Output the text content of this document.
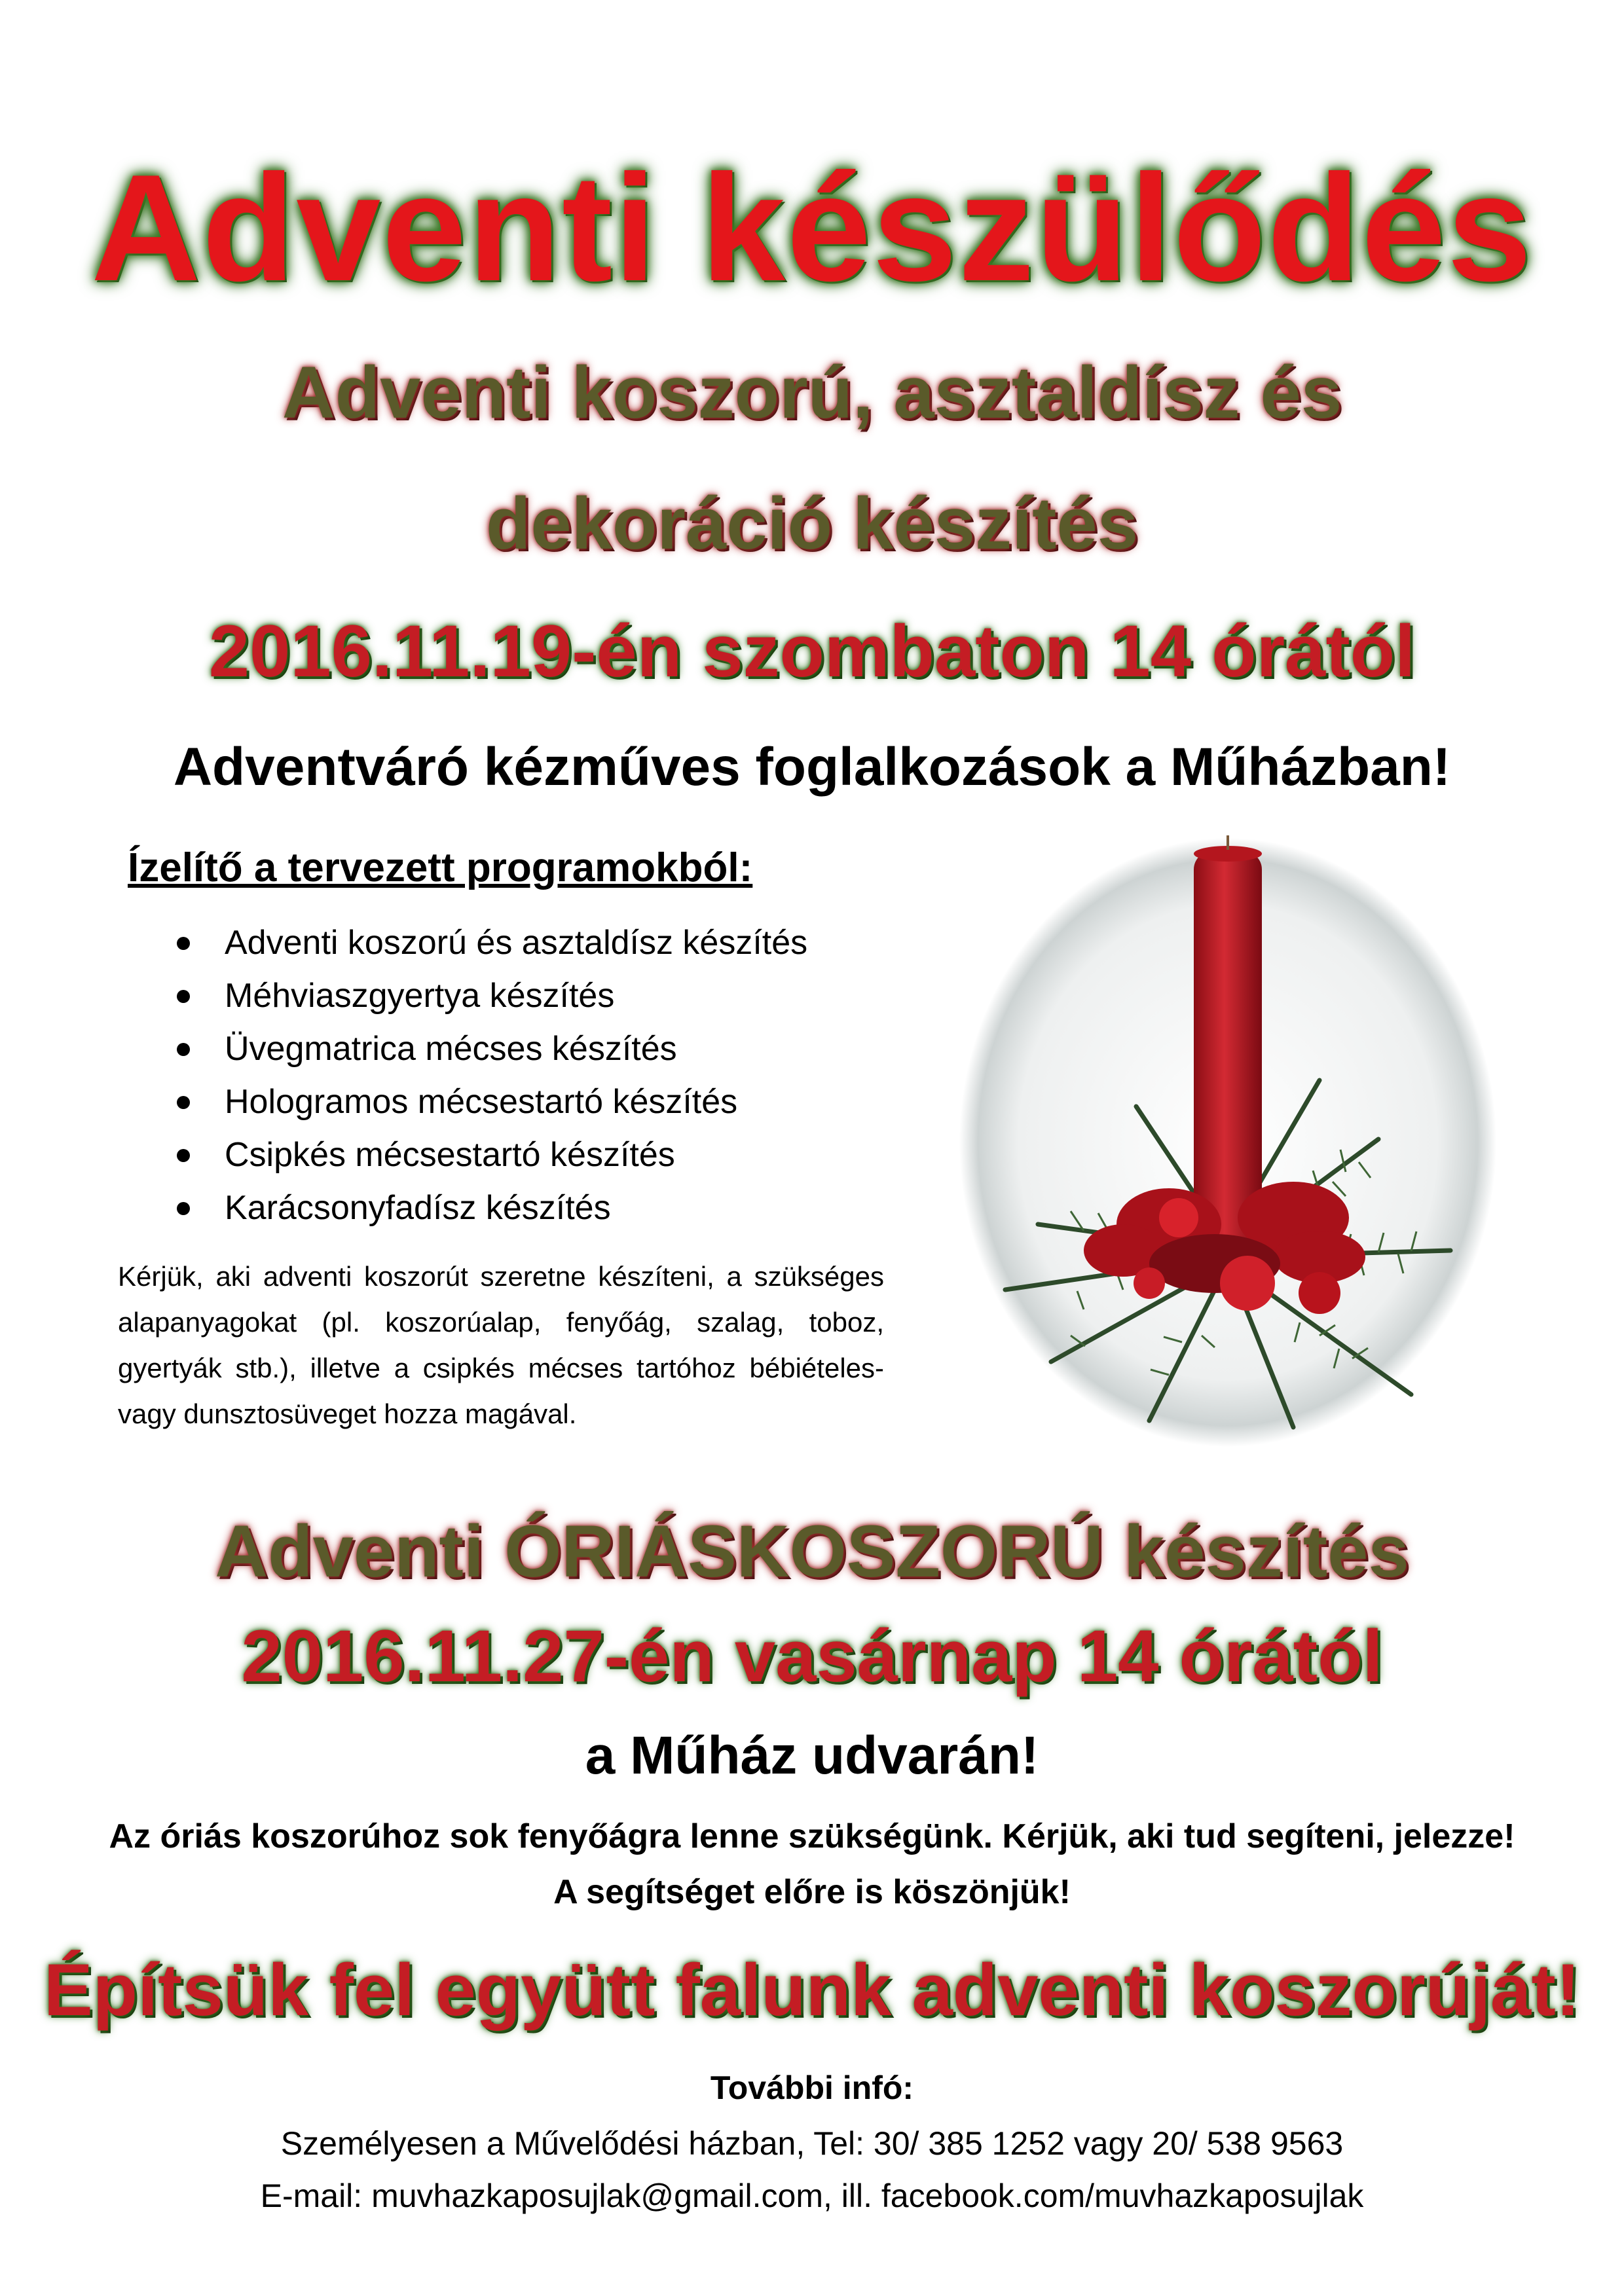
Adventi készülődés
Adventi koszorú, asztaldísz és
dekoráció készítés
2016.11.19-én szombaton 14 órától
Adventváró kézműves foglalkozások a Műházban!
Ízelítő a tervezett programokból:
Adventi koszorú és asztaldísz készítés
Méhviaszgyertya készítés
Üvegmatrica mécses készítés
Hologramos mécsestartó készítés
Csipkés mécsestartó készítés
Karácsonyfadísz készítés

Kérjük, aki adventi koszorút szeretne készíteni, a szükséges alapanyagokat (pl. koszorúalap, fenyőág, szalag, toboz, gyertyák stb.), illetve a csipkés mécses tartóhoz bébiételes- vagy dunsztosüveget hozza magával.

Adventi ÓRIÁSKOSZORÚ készítés
2016.11.27-én vasárnap 14 órától
a Műház udvarán!
Az óriás koszorúhoz sok fenyőágra lenne szükségünk. Kérjük, aki tud segíteni, jelezze!
A segítséget előre is köszönjük!
Építsük fel együtt falunk adventi koszorúját!
További infó:
Személyesen a Művelődési házban, Tel: 30/ 385 1252 vagy 20/ 538 9563
E-mail: muvhazkaposujlak@gmail.com, ill. facebook.com/muvhazkaposujlak
